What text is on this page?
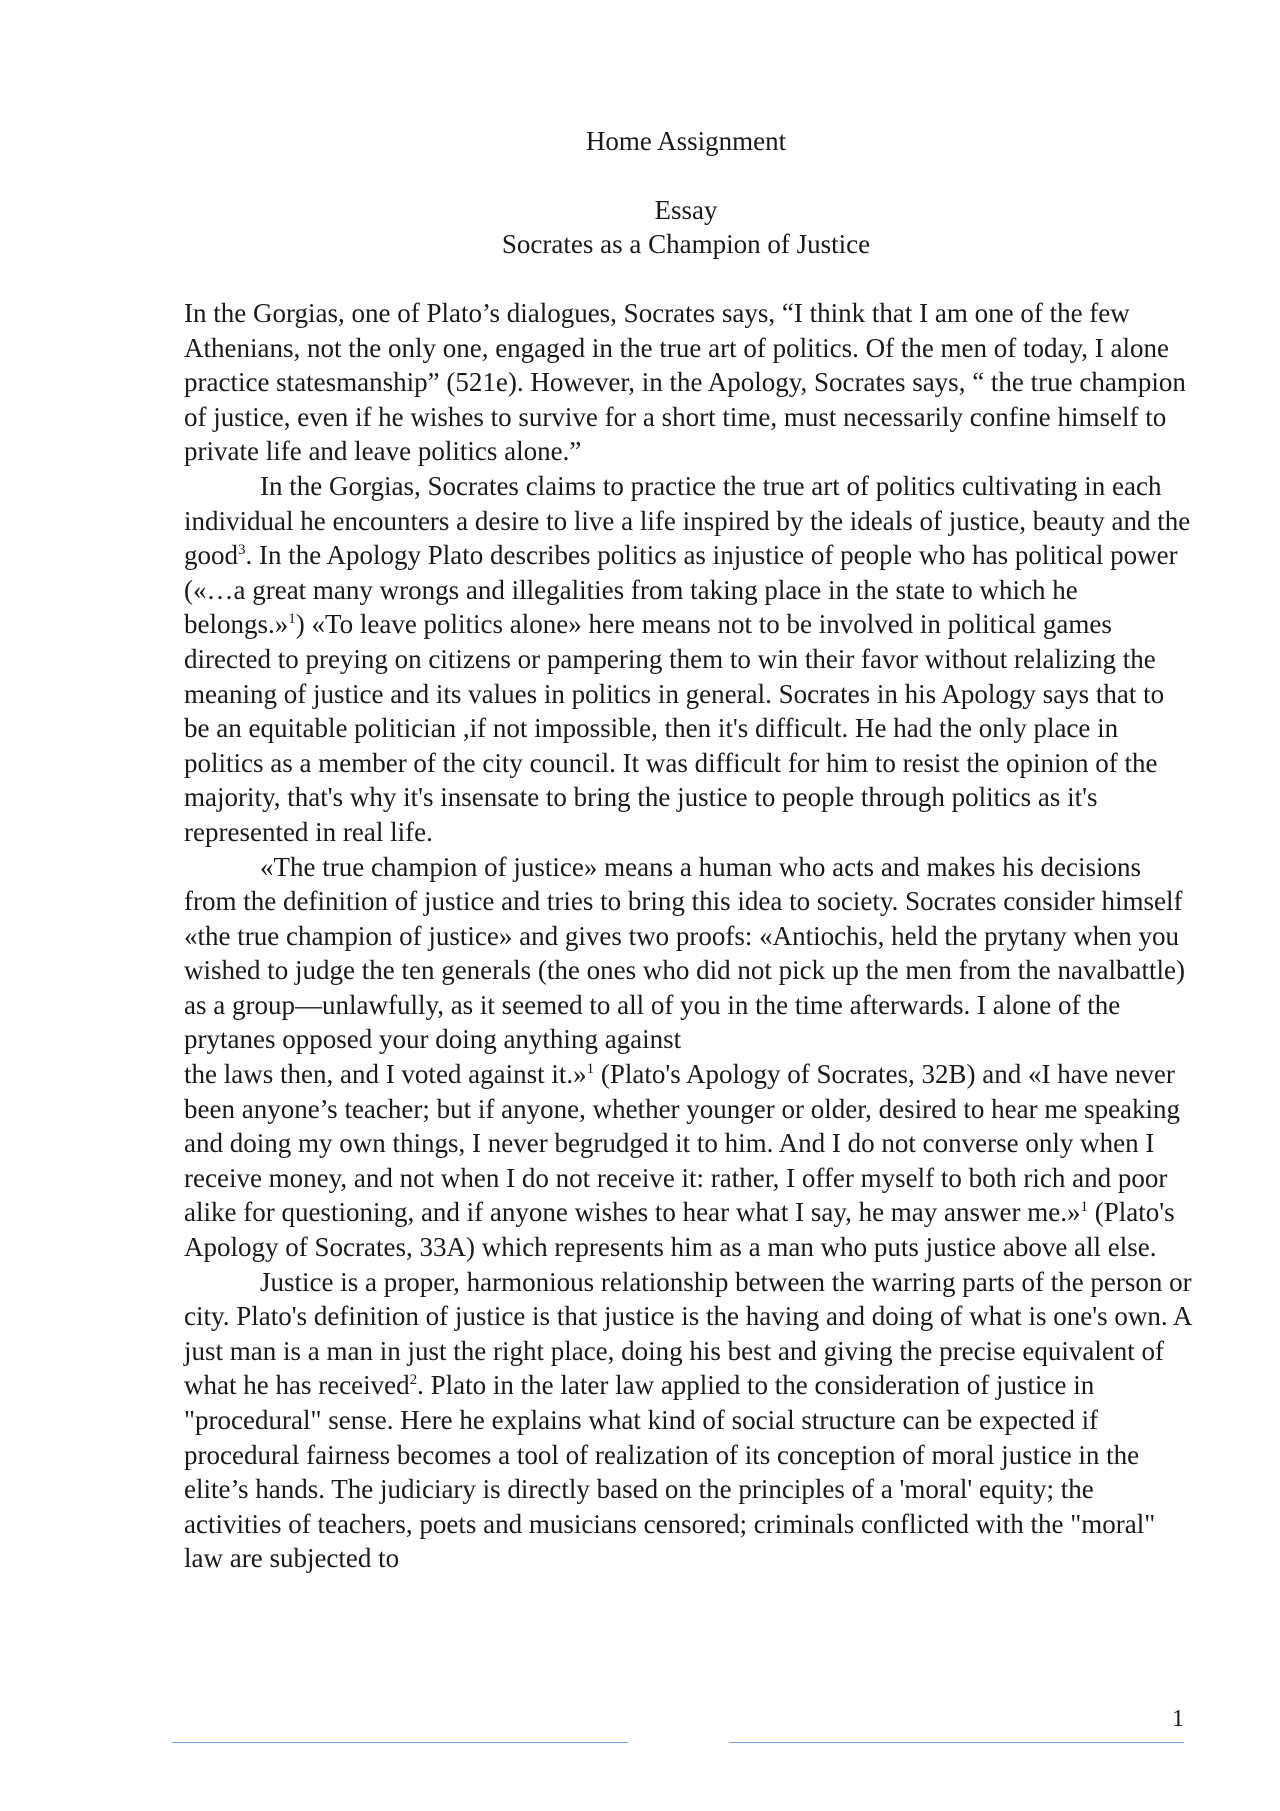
Home Assignment
Essay
Socrates as a Champion of Justice

In the Gorgias, one of Plato’s dialogues, Socrates says, “I think that I am one of the few Athenians, not the only one, engaged in the true art of politics. Of the men of today, I alone practice statesmanship” (521e). However, in the Apology, Socrates says, “ the true champion of justice, even if he wishes to survive for a short time, must necessarily confine himself to private life and leave politics alone.”

In the Gorgias, Socrates claims to practice the true art of politics cultivating in each individual he encounters a desire to live a life inspired by the ideals of justice, beauty and the good$^3$. In the Apology Plato describes politics as injustice of people who has political power («…a great many wrongs and illegalities from taking place in the state to which he belongs.»$^1$) «To leave politics alone» here means not to be involved in political games directed to preying on citizens or pampering them to win their favor without relalizing the meaning of justice and its values in politics in general. Socrates in his Apology says that to be an equitable politician ,if not impossible, then it's difficult. He had the only place in politics as a member of the city council. It was difficult for him to resist the opinion of the majority, that's why it's insensate to bring the justice to people through politics as it's represented in real life.

«The true champion of justice» means a human who acts and makes his decisions from the definition of justice and tries to bring this idea to society. Socrates consider himself «the true champion of justice» and gives two proofs: «Antiochis, held the prytany when you wished to judge the ten generals (the ones who did not pick up the men from the navalbattle) as a group—unlawfully, as it seemed to all of you in the time afterwards. I alone of the prytanes opposed your doing anything against
the laws then, and I voted against it.»$^1$ (Plato's Apology of Socrates, 32B) and «I have never been anyone’s teacher; but if anyone, whether younger or older, desired to hear me speaking and doing my own things, I never begrudged it to him. And I do not converse only when I receive money, and not when I do not receive it: rather, I offer myself to both rich and poor alike for questioning, and if anyone wishes to hear what I say, he may answer me.»$^1$ (Plato's Apology of Socrates, 33A) which represents him as a man who puts justice above all else.

Justice is a proper, harmonious relationship between the warring parts of the person or city. Plato's definition of justice is that justice is the having and doing of what is one's own. A just man is a man in just the right place, doing his best and giving the precise equivalent of what he has received$^2$. Plato in the later law applied to the consideration of justice in "procedural" sense. Here he explains what kind of social structure can be expected if procedural fairness becomes a tool of realization of its conception of moral justice in the elite’s hands. The judiciary is directly based on the principles of a 'moral' equity; the activities of teachers, poets and musicians censored; criminals conflicted with the "moral" law are subjected to

1
